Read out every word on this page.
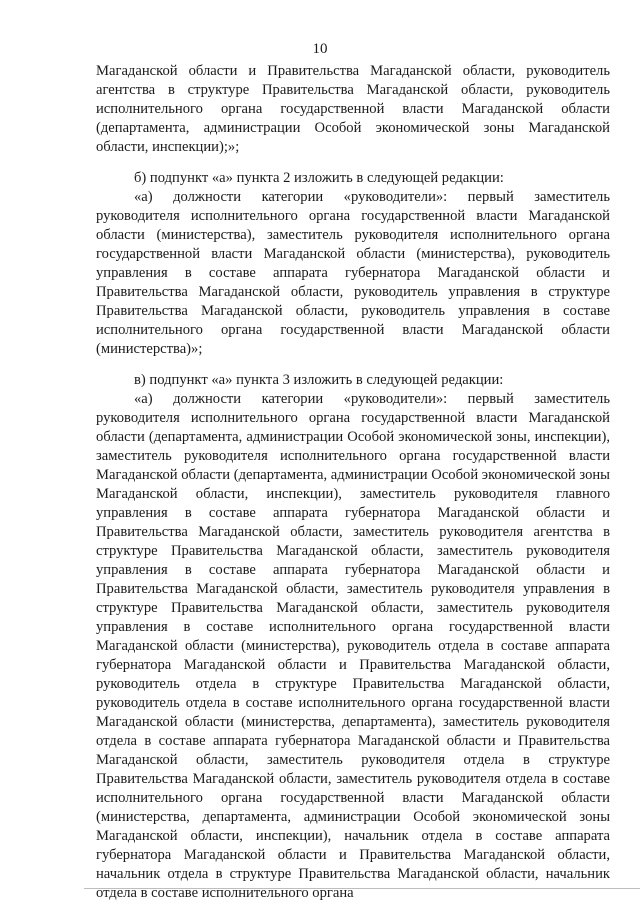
10

Магаданской области и Правительства Магаданской области, руководитель агентства в структуре Правительства Магаданской области, руководитель исполнительного органа государственной власти Магаданской области (департамента, администрации Особой экономической зоны Магаданской области, инспекции);»;

б) подпункт «а» пункта 2 изложить в следующей редакции:

«а) должности категории «руководители»: первый заместитель руководителя исполнительного органа государственной власти Магаданской области (министерства), заместитель руководителя исполнительного органа государственной власти Магаданской области (министерства), руководитель управления в составе аппарата губернатора Магаданской области и Правительства Магаданской области, руководитель управления в структуре Правительства Магаданской области, руководитель управления в составе исполнительного органа государственной власти Магаданской области (министерства)»;

в) подпункт «а» пункта 3 изложить в следующей редакции:

«а) должности категории «руководители»: первый заместитель руководителя исполнительного органа государственной власти Магаданской области (департамента, администрации Особой экономической зоны, инспекции), заместитель руководителя исполнительного органа государственной власти Магаданской области (департамента, администрации Особой экономической зоны Магаданской области, инспекции), заместитель руководителя главного управления в составе аппарата губернатора Магаданской области и Правительства Магаданской области, заместитель руководителя агентства в структуре Правительства Магаданской области, заместитель руководителя управления в составе аппарата губернатора Магаданской области и Правительства Магаданской области, заместитель руководителя управления в структуре Правительства Магаданской области, заместитель руководителя управления в составе исполнительного органа государственной власти Магаданской области (министерства), руководитель отдела в составе аппарата губернатора Магаданской области и Правительства Магаданской области, руководитель отдела в структуре Правительства Магаданской области, руководитель отдела в составе исполнительного органа государственной власти Магаданской области (министерства, департамента), заместитель руководителя отдела в составе аппарата губернатора Магаданской области и Правительства Магаданской области, заместитель руководителя отдела в структуре Правительства Магаданской области, заместитель руководителя отдела в составе исполнительного органа государственной власти Магаданской области (министерства, департамента, администрации Особой экономической зоны Магаданской области, инспекции), начальник отдела в составе аппарата губернатора Магаданской области и Правительства Магаданской области, начальник отдела в структуре Правительства Магаданской области, начальник отдела в составе исполнительного органа
